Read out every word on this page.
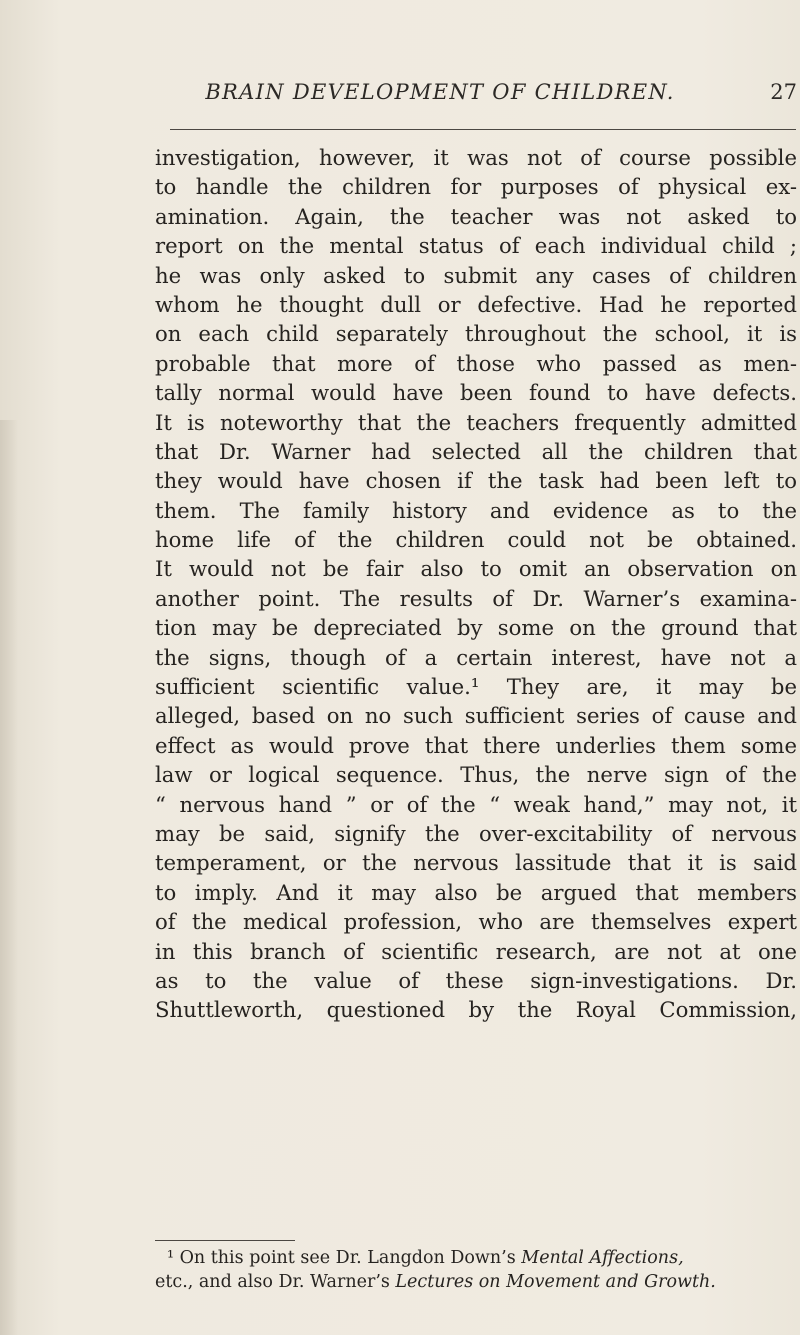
BRAIN DEVELOPMENT OF CHILDREN.	27
investigation, however, it was not of course possible
to handle the children for purposes of physical ex-
amination. Again, the teacher was not asked to
report on the mental status of each individual child ;
he was only asked to submit any cases of children
whom he thought dull or defective. Had he reported
on each child separately throughout the school, it is
probable that more of those who passed as men-
tally normal would have been found to have defects.
It is noteworthy that the teachers frequently admitted
that Dr. Warner had selected all the children that
they would have chosen if the task had been left to
them. The family history and evidence as to the
home life of the children could not be obtained.
It would not be fair also to omit an observation on
another point. The results of Dr. Warner’s examina-
tion may be depreciated by some on the ground that
the signs, though of a certain interest, have not a
sufficient scientific value.¹ They are, it may be
alleged, based on no such sufficient series of cause and
effect as would prove that there underlies them some
law or logical sequence. Thus, the nerve sign of the
“ nervous hand ” or of the “ weak hand,” may not, it
may be said, signify the over-excitability of nervous
temperament, or the nervous lassitude that it is said
to imply. And it may also be argued that members
of the medical profession, who are themselves expert
in this branch of scientific research, are not at one
as to the value of these sign-investigations. Dr.
Shuttleworth, questioned by the Royal Commission,
¹ On this point see Dr. Langdon Down’s Mental Affections,
etc., and also Dr. Warner’s Lectures on Movement and Growth.
